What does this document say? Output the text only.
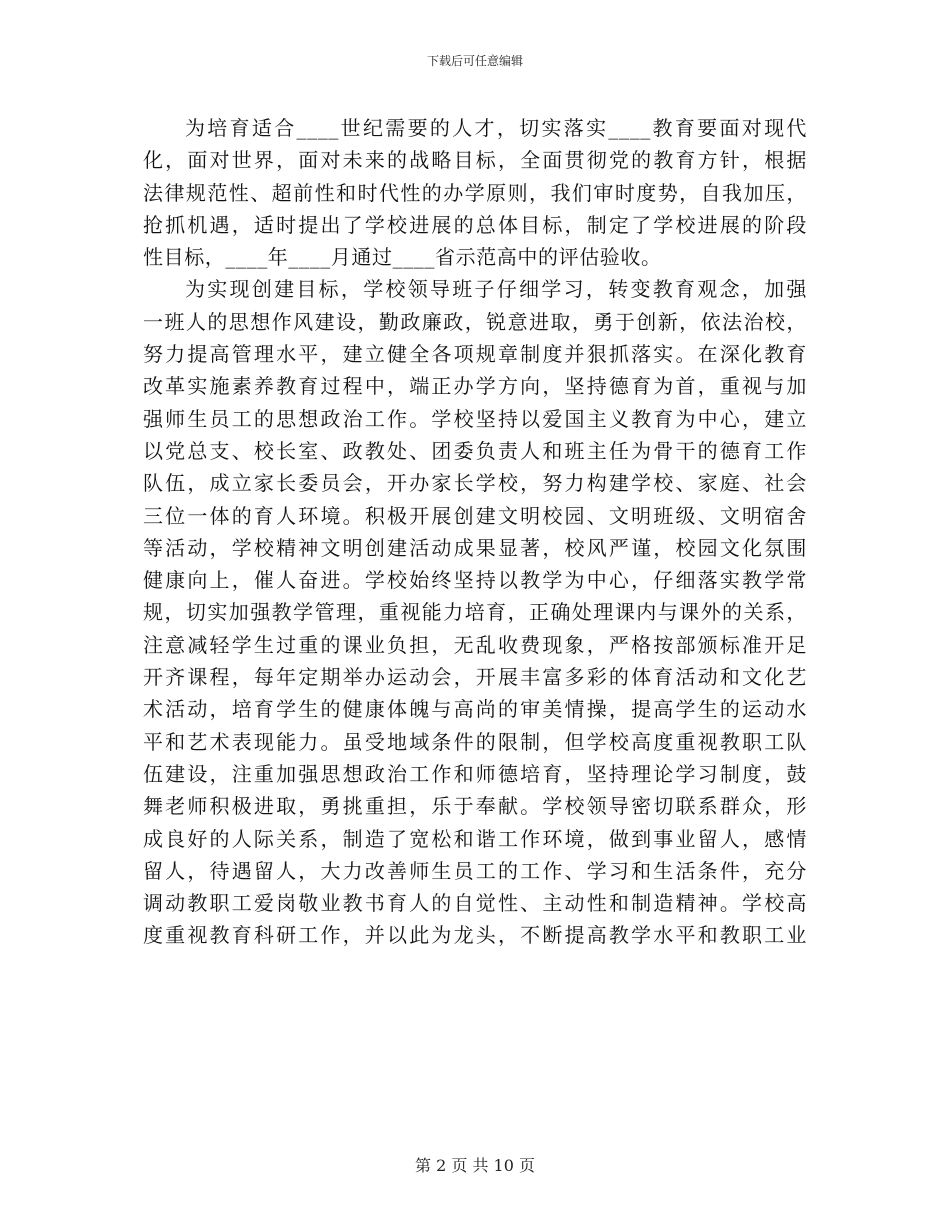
下载后可任意编辑
为培育适合____世纪需要的人才，切实落实____教育要面对现代
化，面对世界，面对未来的战略目标，全面贯彻党的教育方针，根据
法律规范性、超前性和时代性的办学原则，我们审时度势，自我加压，
抢抓机遇，适时提出了学校进展的总体目标，制定了学校进展的阶段
性目标，____年____月通过____省示范高中的评估验收。
为实现创建目标，学校领导班子仔细学习，转变教育观念，加强
一班人的思想作风建设，勤政廉政，锐意进取，勇于创新，依法治校，
努力提高管理水平，建立健全各项规章制度并狠抓落实。在深化教育
改革实施素养教育过程中，端正办学方向，坚持德育为首，重视与加
强师生员工的思想政治工作。学校坚持以爱国主义教育为中心，建立
以党总支、校长室、政教处、团委负责人和班主任为骨干的德育工作
队伍，成立家长委员会，开办家长学校，努力构建学校、家庭、社会
三位一体的育人环境。积极开展创建文明校园、文明班级、文明宿舍
等活动，学校精神文明创建活动成果显著，校风严谨，校园文化氛围
健康向上，催人奋进。学校始终坚持以教学为中心，仔细落实教学常
规，切实加强教学管理，重视能力培育，正确处理课内与课外的关系，
注意减轻学生过重的课业负担，无乱收费现象，严格按部颁标准开足
开齐课程，每年定期举办运动会，开展丰富多彩的体育活动和文化艺
术活动，培育学生的健康体魄与高尚的审美情操，提高学生的运动水
平和艺术表现能力。虽受地域条件的限制，但学校高度重视教职工队
伍建设，注重加强思想政治工作和师德培育，坚持理论学习制度，鼓
舞老师积极进取，勇挑重担，乐于奉献。学校领导密切联系群众，形
成良好的人际关系，制造了宽松和谐工作环境，做到事业留人，感情
留人，待遇留人，大力改善师生员工的工作、学习和生活条件，充分
调动教职工爱岗敬业教书育人的自觉性、主动性和制造精神。学校高
度重视教育科研工作，并以此为龙头，不断提高教学水平和教职工业
第 2 页 共 10 页
